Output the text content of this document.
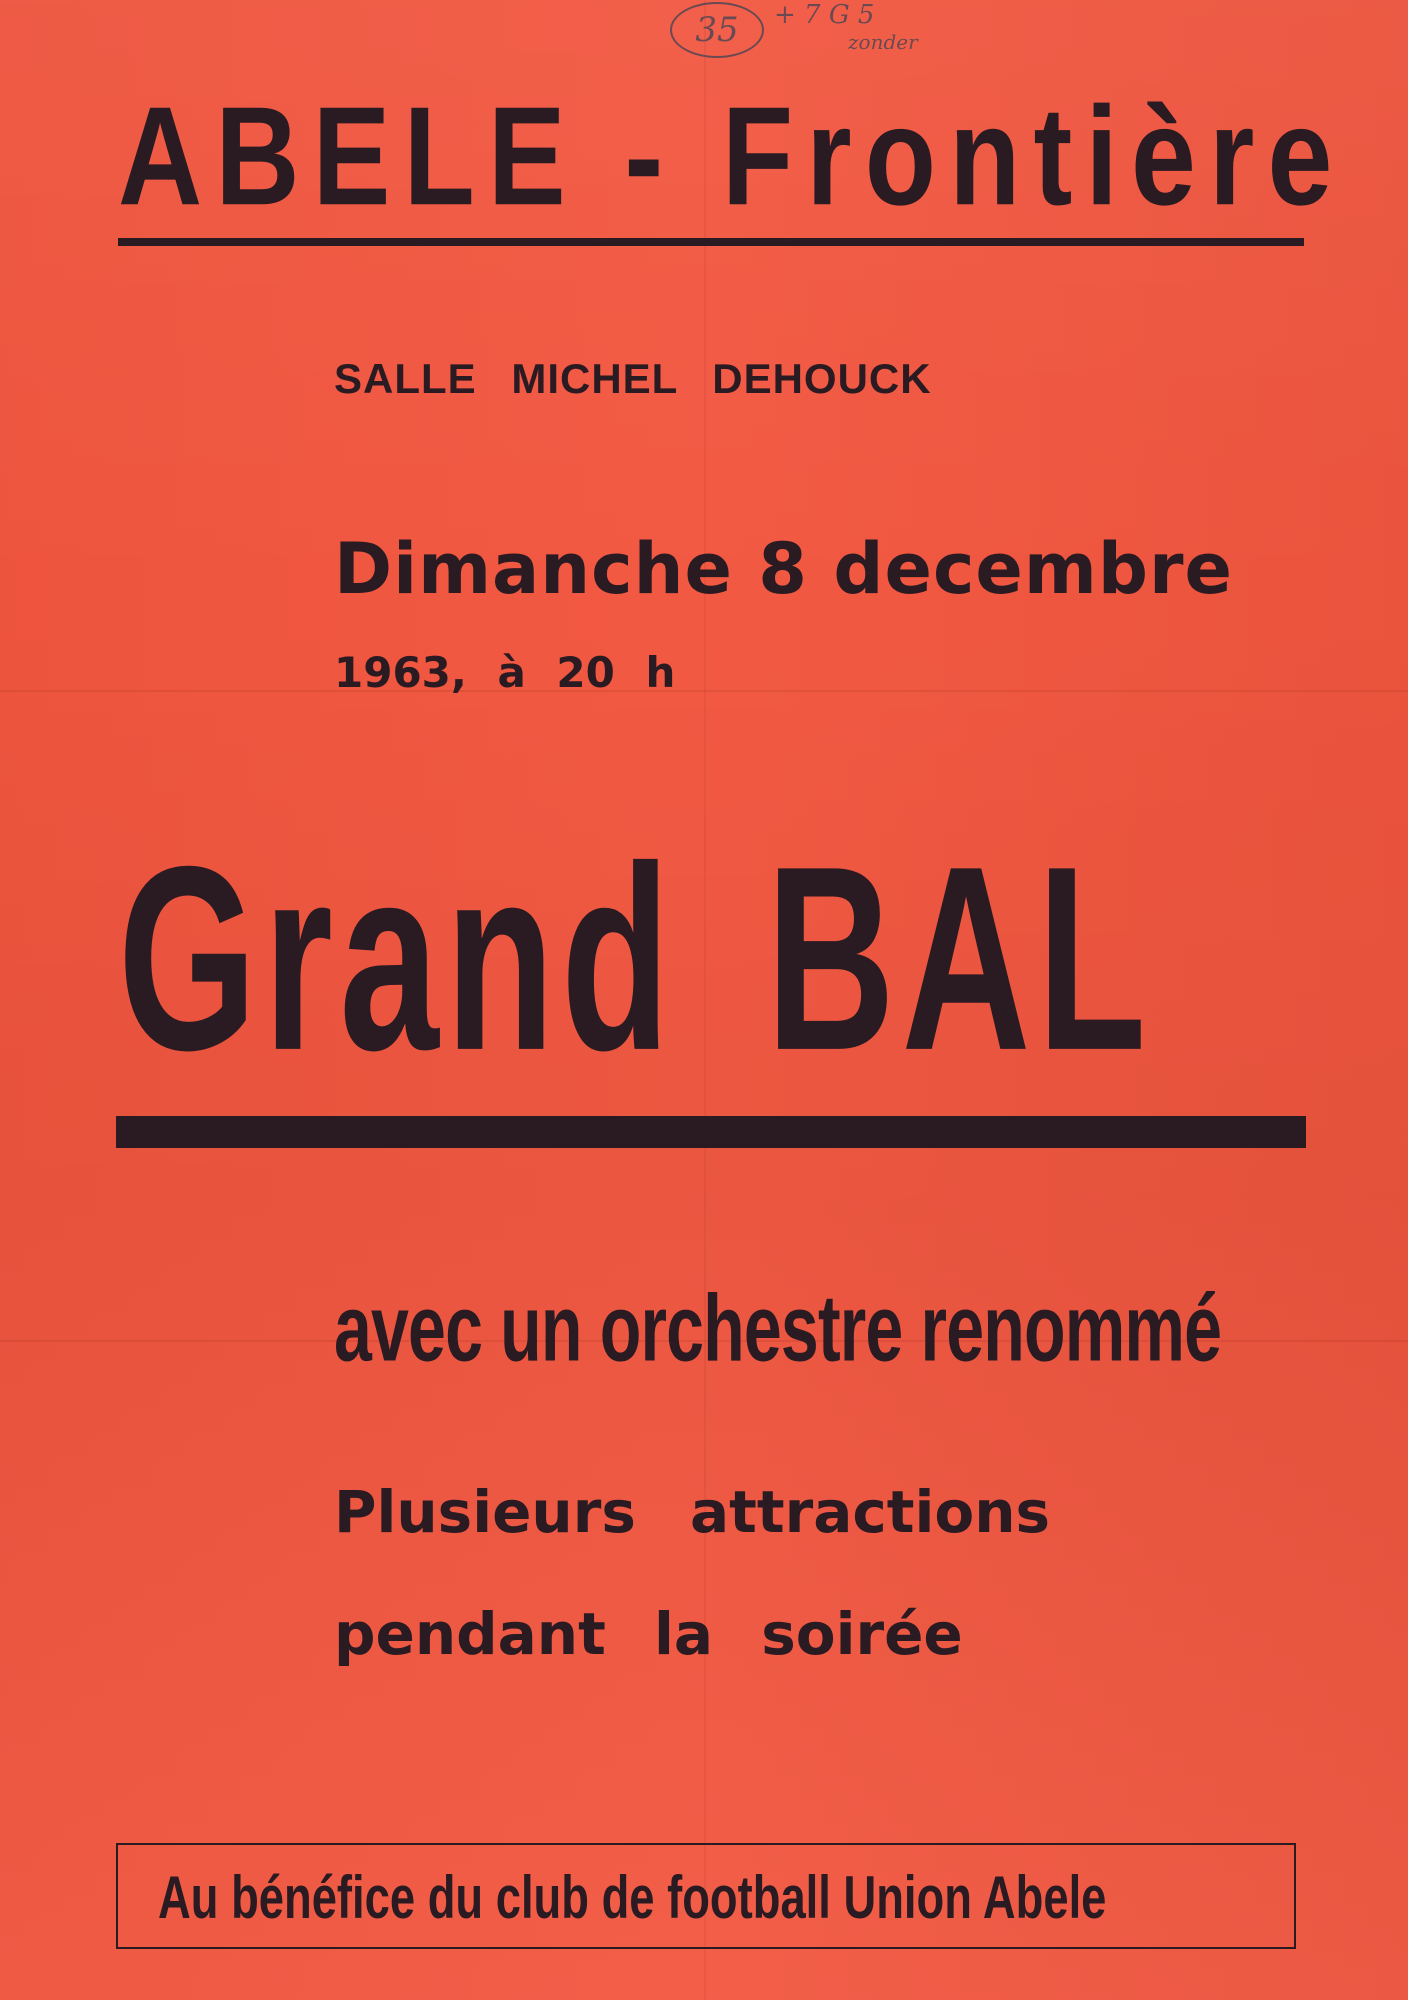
35	+ 7 G 5
zonder
ABELE - Frontière
SALLE MICHEL DEHOUCK
Dimanche 8 decembre
1963, à 20 h
Grand BAL
avec un orchestre renommé
Plusieurs attractions
pendant la soirée
Au bénéfice du club de football Union Abele
